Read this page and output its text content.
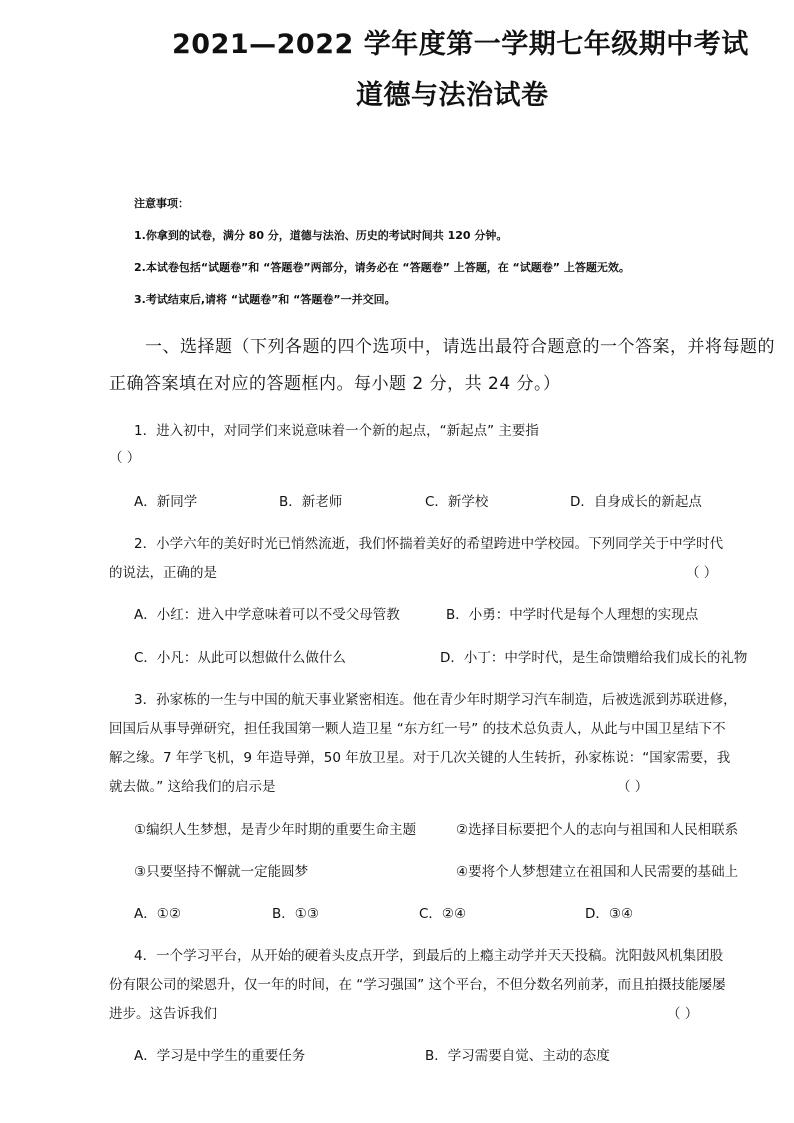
2021—2022 学年度第一学期七年级期中考试
道德与法治试卷
注意事项：
1.你拿到的试卷，满分 80 分，道德与法治、历史的考试时间共 120 分钟。
2.本试卷包括“试题卷”和 “答题卷”两部分，请务必在 “答题卷” 上答题，在 “试题卷” 上答题无效。
3.考试结束后,请将 “试题卷”和 “答题卷”一并交回。
一、选择题（下列各题的四个选项中，请选出最符合题意的一个答案，并将每题的
正确答案填在对应的答题框内。每小题 2 分，共 24 分。）
1．进入初中，对同学们来说意味着一个新的起点，“新起点” 主要指
（ ）
A．新同学	B．新老师	C．新学校	D．自身成长的新起点
2．小学六年的美好时光已悄然流逝，我们怀揣着美好的希望跨进中学校园。下列同学关于中学时代
的说法，正确的是	（ ）
A．小红：进入中学意味着可以不受父母管教	B．小勇：中学时代是每个人理想的实现点
C．小凡：从此可以想做什么做什么	D．小丁：中学时代，是生命馈赠给我们成长的礼物
3．孙家栋的一生与中国的航天事业紧密相连。他在青少年时期学习汽车制造，后被选派到苏联进修，
回国后从事导弹研究，担任我国第一颗人造卫星 “东方红一号” 的技术总负责人，从此与中国卫星结下不
解之缘。7 年学飞机，9 年造导弹，50 年放卫星。对于几次关键的人生转折，孙家栋说：“国家需要，我
就去做。” 这给我们的启示是	（ ）
①编织人生梦想，是青少年时期的重要生命主题	②选择目标要把个人的志向与祖国和人民相联系
③只要坚持不懈就一定能圆梦	④要将个人梦想建立在祖国和人民需要的基础上
A．①②	B．①③	C．②④	D．③④
4．一个学习平台，从开始的硬着头皮点开学，到最后的上瘾主动学并天天投稿。沈阳鼓风机集团股
份有限公司的梁恩升，仅一年的时间，在 “学习强国” 这个平台，不但分数名列前茅，而且拍摄技能屡屡
进步。这告诉我们	（ ）
A．学习是中学生的重要任务	B．学习需要自觉、主动的态度
